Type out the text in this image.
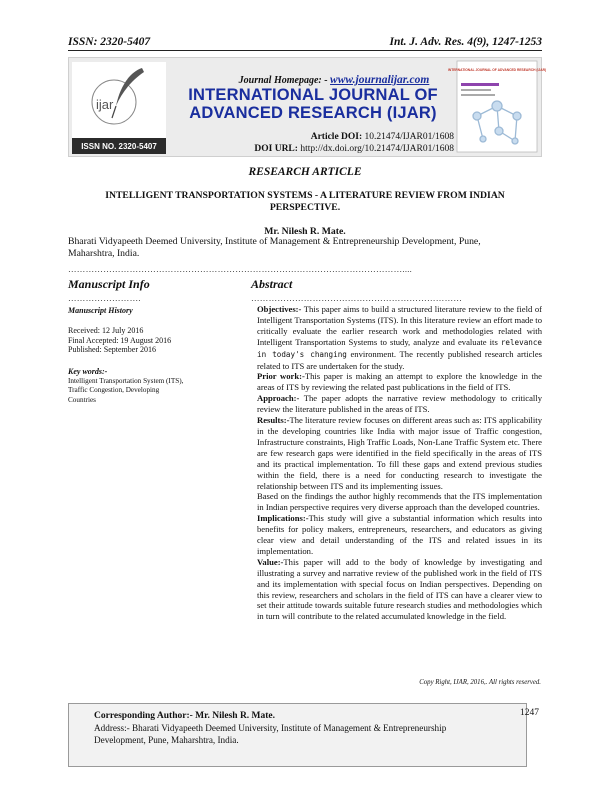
ISSN: 2320-5407	Int. J. Adv. Res. 4(9), 1247-1253
ijar
ISSN NO. 2320-5407
INTERNATIONAL JOURNAL OF ADVANCED RESEARCH (IJAR)
Journal Homepage: - www.journalijar.com
INTERNATIONAL JOURNAL OF
ADVANCED RESEARCH (IJAR)
Article DOI: 10.21474/IJAR01/1608
DOI URL: http://dx.doi.org/10.21474/IJAR01/1608
RESEARCH ARTICLE
INTELLIGENT TRANSPORTATION SYSTEMS - A LITERATURE REVIEW FROM INDIAN
PERSPECTIVE.
Mr. Nilesh R. Mate.
Bharati Vidyapeeth Deemed University, Institute of Management & Entrepreneurship Development, Pune,
Maharshtra, India.
……………………………………………………………………………………………………....
Manuscript Info
…………………….
Manuscript History
Received: 12 July 2016
Final Accepted: 19 August 2016
Published: September 2016
Key words:-
Intelligent Transportation System (ITS),
Traffic Congestion, Developing
Countries
Abstract
………………………………………………………………

Objectives:- This paper aims to build a structured literature review to the field of Intelligent Transportation Systems (ITS). In this literature review an effort made to critically evaluate the earlier research work and methodologies related with Intelligent Transportation Systems to study, analyze and evaluate its relevance in today's changing environment. The recently published research articles related to ITS are undertaken for the study.

Prior work:-This paper is making an attempt to explore the knowledge in the areas of ITS by reviewing the related past publications in the field of ITS.

Approach:- The paper adopts the narrative review methodology to critically review the literature published in the areas of ITS.

Results:-The literature review focuses on different areas such as: ITS applicability in the developing countries like India with major issue of Traffic congestion, Infrastructure constraints, High Traffic Loads, Non-Lane Traffic System etc. There are few research gaps were identified in the field specifically in the areas of ITS and its practical implementation. To fill these gaps and extend previous studies within the field, there is a need for conducting research to investigate the relationship between ITS and its implementing issues.

Based on the findings the author highly recommends that the ITS implementation in Indian perspective requires very diverse approach than the developed countries.

Implications:-This study will give a substantial information which results into benefits for policy makers, entrepreneurs, researchers, and educators as giving clear view and detail understanding of the ITS and related issues in its implementation.

Value:-This paper will add to the body of knowledge by investigating and illustrating a survey and narrative review of the published work in the field of ITS and its implementation with special focus on Indian perspectives. Depending on this review, researchers and scholars in the field of ITS can have a clearer view to set their attitude towards suitable future research studies and methodologies which in turn will contribute to the related accumulated knowledge in the field.

Copy Right, IJAR, 2016,. All rights reserved.
Corresponding Author:- Mr. Nilesh R. Mate.
Address:- Bharati Vidyapeeth Deemed University, Institute of Management & Entrepreneurship
Development, Pune, Maharshtra, India.
1247
